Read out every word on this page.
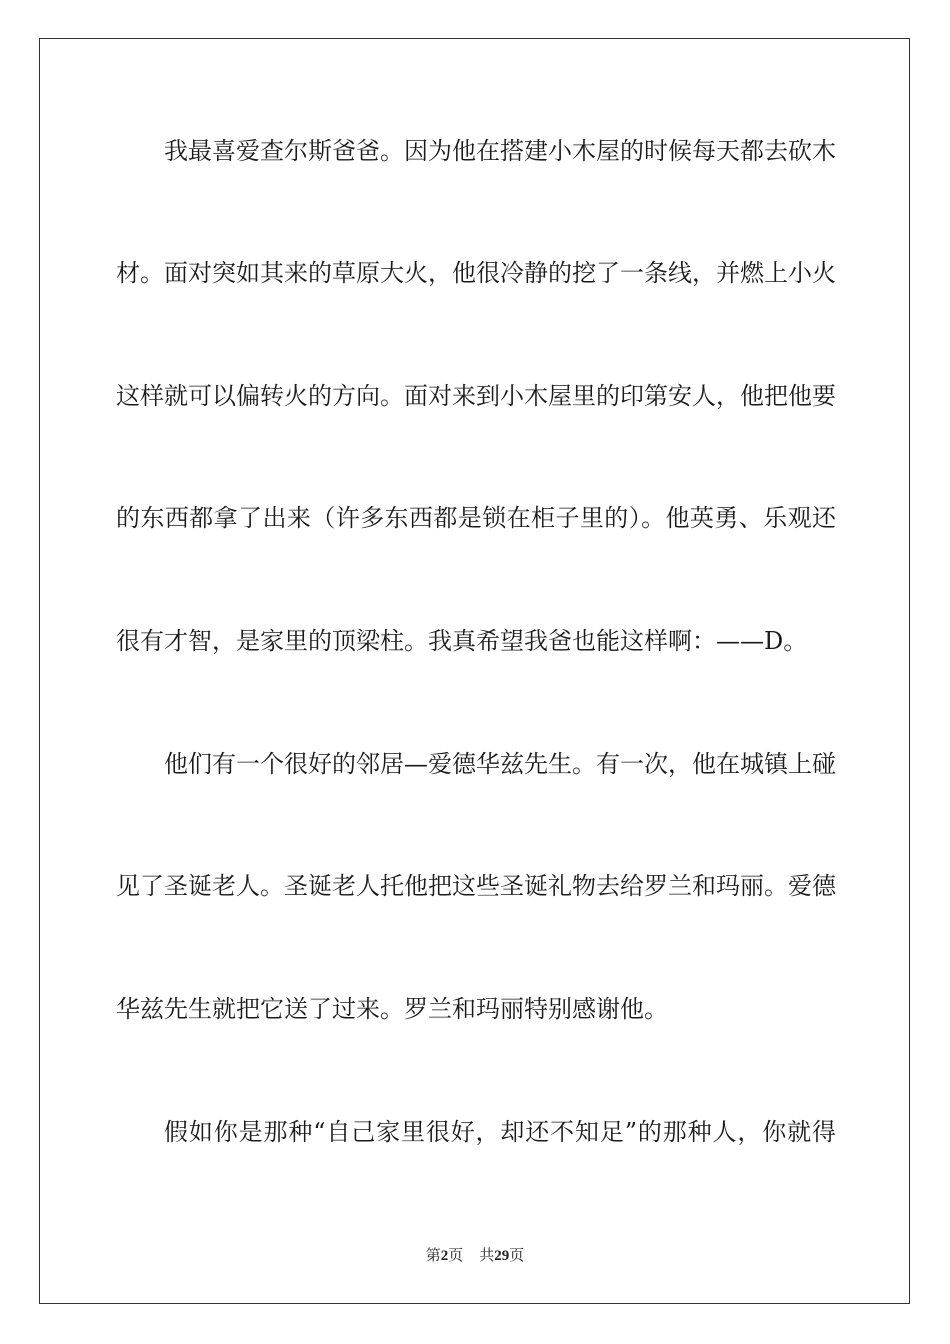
我最喜爱查尔斯爸爸。因为他在搭建小木屋的时候每天都去砍木
材。面对突如其来的草原大火，他很冷静的挖了一条线，并燃上小火
这样就可以偏转火的方向。面对来到小木屋里的印第安人，他把他要
的东西都拿了出来（许多东西都是锁在柜子里的）。他英勇、乐观还
很有才智，是家里的顶梁柱。我真希望我爸也能这样啊：——D。
他们有一个很好的邻居—爱德华兹先生。有一次，他在城镇上碰
见了圣诞老人。圣诞老人托他把这些圣诞礼物去给罗兰和玛丽。爱德
华兹先生就把它送了过来。罗兰和玛丽特别感谢他。
假如你是那种“自己家里很好，却还不知足”的那种人，你就得
第2页 共29页
